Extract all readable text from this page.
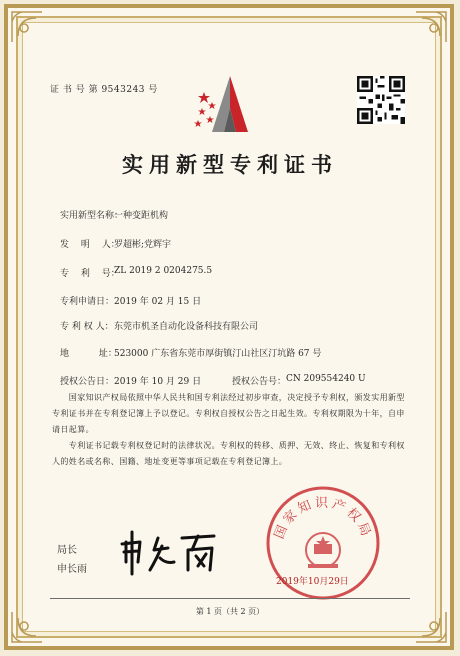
证 书 号 第 9543243 号
实用新型专利证书
实用新型名称：
一种变距机构
发　 明　 人：
罗超彬;党辉宇
专　 利　 号：
ZL 2019 2 0204275.5
专利申请日： 2019 年 02 月 15 日
专 利 权 人： 东莞市机圣自动化设备科技有限公司
地　　　 址：
523000 广东省东莞市厚街镇汀山社区汀坑路 67 号
授权公告日： 2019 年 10 月 29 日	授权公告号： CN 209554240 U
　　国家知识产权局依照中华人民共和国专利法经过初步审查，决定授予专利权，颁发实用新型专利证书并在专利登记簿上予以登记。专利权自授权公告之日起生效。专利权期限为十年，自申请日起算。
　　专利证书记载专利权登记时的法律状况。专利权的转移、质押、无效、终止、恢复和专利权人的姓名或名称、国籍、地址变更等事项记载在专利登记簿上。
局长
申长雨
国家知识产权局
2019年10月29日
第 1 页（共 2 页）
